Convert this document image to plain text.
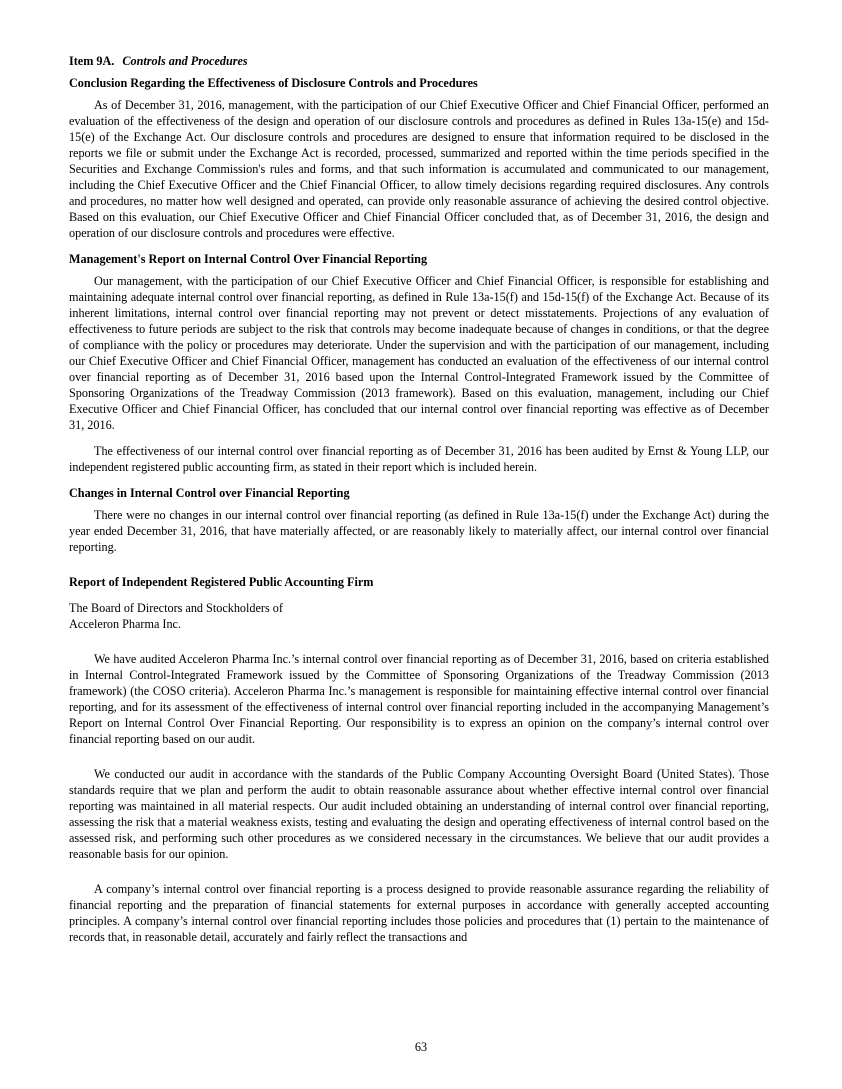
Item 9A. Controls and Procedures
Conclusion Regarding the Effectiveness of Disclosure Controls and Procedures

As of December 31, 2016, management, with the participation of our Chief Executive Officer and Chief Financial Officer, performed an evaluation of the effectiveness of the design and operation of our disclosure controls and procedures as defined in Rules 13a-15(e) and 15d-15(e) of the Exchange Act. Our disclosure controls and procedures are designed to ensure that information required to be disclosed in the reports we file or submit under the Exchange Act is recorded, processed, summarized and reported within the time periods specified in the Securities and Exchange Commission's rules and forms, and that such information is accumulated and communicated to our management, including the Chief Executive Officer and the Chief Financial Officer, to allow timely decisions regarding required disclosures. Any controls and procedures, no matter how well designed and operated, can provide only reasonable assurance of achieving the desired control objective. Based on this evaluation, our Chief Executive Officer and Chief Financial Officer concluded that, as of December 31, 2016, the design and operation of our disclosure controls and procedures were effective.

Management's Report on Internal Control Over Financial Reporting

Our management, with the participation of our Chief Executive Officer and Chief Financial Officer, is responsible for establishing and maintaining adequate internal control over financial reporting, as defined in Rule 13a-15(f) and 15d-15(f) of the Exchange Act. Because of its inherent limitations, internal control over financial reporting may not prevent or detect misstatements. Projections of any evaluation of effectiveness to future periods are subject to the risk that controls may become inadequate because of changes in conditions, or that the degree of compliance with the policy or procedures may deteriorate. Under the supervision and with the participation of our management, including our Chief Executive Officer and Chief Financial Officer, management has conducted an evaluation of the effectiveness of our internal control over financial reporting as of December 31, 2016 based upon the Internal Control-Integrated Framework issued by the Committee of Sponsoring Organizations of the Treadway Commission (2013 framework). Based on this evaluation, management, including our Chief Executive Officer and Chief Financial Officer, has concluded that our internal control over financial reporting was effective as of December 31, 2016.

The effectiveness of our internal control over financial reporting as of December 31, 2016 has been audited by Ernst & Young LLP, our independent registered public accounting firm, as stated in their report which is included herein.

Changes in Internal Control over Financial Reporting

There were no changes in our internal control over financial reporting (as defined in Rule 13a-15(f) under the Exchange Act) during the year ended December 31, 2016, that have materially affected, or are reasonably likely to materially affect, our internal control over financial reporting.

Report of Independent Registered Public Accounting Firm

The Board of Directors and Stockholders of

Acceleron Pharma Inc.

We have audited Acceleron Pharma Inc.’s internal control over financial reporting as of December 31, 2016, based on criteria established in Internal Control-Integrated Framework issued by the Committee of Sponsoring Organizations of the Treadway Commission (2013 framework) (the COSO criteria). Acceleron Pharma Inc.’s management is responsible for maintaining effective internal control over financial reporting, and for its assessment of the effectiveness of internal control over financial reporting included in the accompanying Management’s Report on Internal Control Over Financial Reporting. Our responsibility is to express an opinion on the company’s internal control over financial reporting based on our audit.

We conducted our audit in accordance with the standards of the Public Company Accounting Oversight Board (United States). Those standards require that we plan and perform the audit to obtain reasonable assurance about whether effective internal control over financial reporting was maintained in all material respects. Our audit included obtaining an understanding of internal control over financial reporting, assessing the risk that a material weakness exists, testing and evaluating the design and operating effectiveness of internal control based on the assessed risk, and performing such other procedures as we considered necessary in the circumstances. We believe that our audit provides a reasonable basis for our opinion.

A company’s internal control over financial reporting is a process designed to provide reasonable assurance regarding the reliability of financial reporting and the preparation of financial statements for external purposes in accordance with generally accepted accounting principles. A company’s internal control over financial reporting includes those policies and procedures that (1) pertain to the maintenance of records that, in reasonable detail, accurately and fairly reflect the transactions and

63
